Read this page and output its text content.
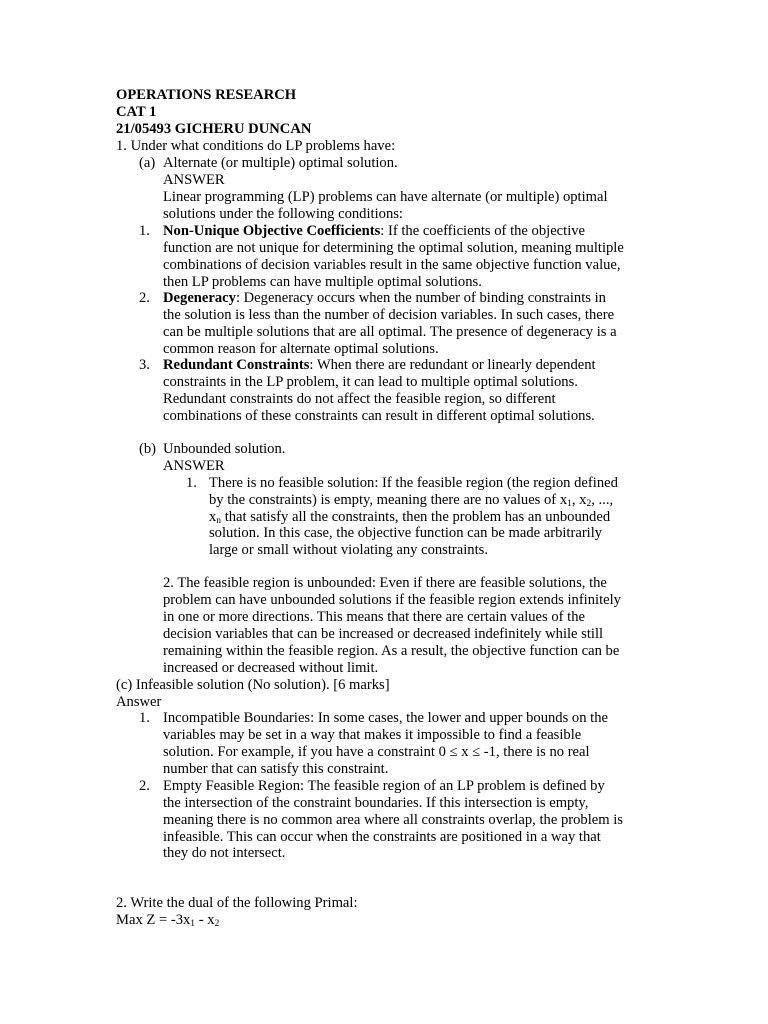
OPERATIONS RESEARCH
CAT 1
21/05493 GICHERU DUNCAN
1. Under what conditions do LP problems have:
(a) Alternate (or multiple) optimal solution.
ANSWER
Linear programming (LP) problems can have alternate (or multiple) optimal
solutions under the following conditions:
1. Non-Unique Objective Coefficients: If the coefficients of the objective
function are not unique for determining the optimal solution, meaning multiple
combinations of decision variables result in the same objective function value,
then LP problems can have multiple optimal solutions.
2. Degeneracy: Degeneracy occurs when the number of binding constraints in
the solution is less than the number of decision variables. In such cases, there
can be multiple solutions that are all optimal. The presence of degeneracy is a
common reason for alternate optimal solutions.
3. Redundant Constraints: When there are redundant or linearly dependent
constraints in the LP problem, it can lead to multiple optimal solutions.
Redundant constraints do not affect the feasible region, so different
combinations of these constraints can result in different optimal solutions.
(b) Unbounded solution.
ANSWER
1. There is no feasible solution: If the feasible region (the region defined
by the constraints) is empty, meaning there are no values of $x_1$, $x_2$, ...,
$x_n$ that satisfy all the constraints, then the problem has an unbounded
solution. In this case, the objective function can be made arbitrarily
large or small without violating any constraints.
2. The feasible region is unbounded: Even if there are feasible solutions, the
problem can have unbounded solutions if the feasible region extends infinitely
in one or more directions. This means that there are certain values of the
decision variables that can be increased or decreased indefinitely while still
remaining within the feasible region. As a result, the objective function can be
increased or decreased without limit.
(c) Infeasible solution (No solution). [6 marks]
Answer
1. Incompatible Boundaries: In some cases, the lower and upper bounds on the
variables may be set in a way that makes it impossible to find a feasible
solution. For example, if you have a constraint 0 ≤ x ≤ -1, there is no real
number that can satisfy this constraint.
2. Empty Feasible Region: The feasible region of an LP problem is defined by
the intersection of the constraint boundaries. If this intersection is empty,
meaning there is no common area where all constraints overlap, the problem is
infeasible. This can occur when the constraints are positioned in a way that
they do not intersect.
2. Write the dual of the following Primal:
Max $Z = -3x_1 - x_2$
